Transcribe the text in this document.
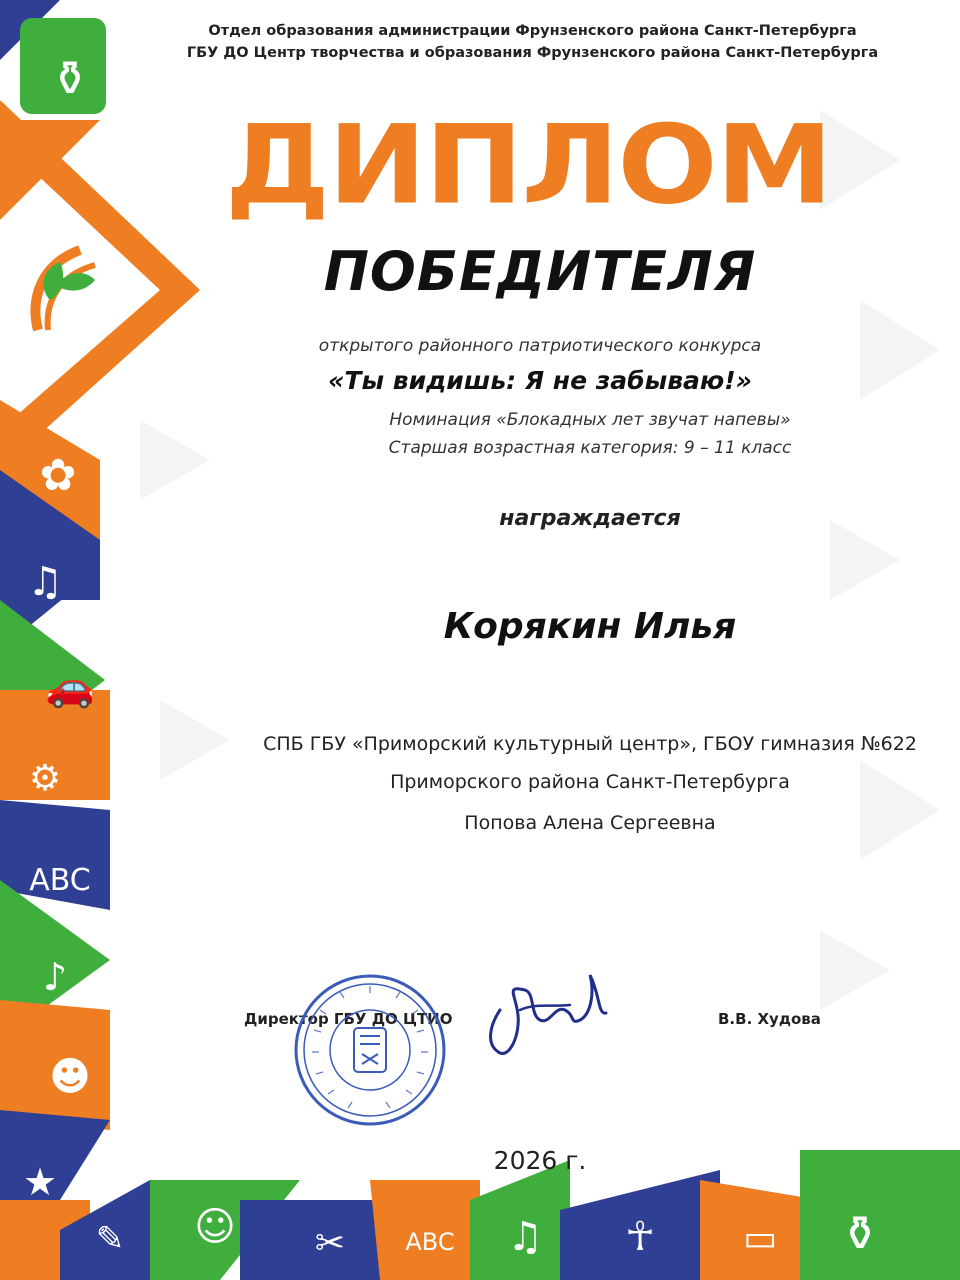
⚱
✿
♫
🚗
⚙
ABC
♪
☻
★
✎ ☺ ✂	ABC ♫ ☥ ▭ ⚱
Отдел образования администрации Фрунзенского района Санкт-Петербурга
ГБУ ДО Центр творчества и образования Фрунзенского района Санкт-Петербурга
ДИПЛОМ
ПОБЕДИТЕЛЯ
открытого районного патриотического конкурса
«Ты видишь: Я не забываю!»
Номинация «Блокадных лет звучат напевы»
Старшая возрастная категория: 9 – 11 класс
награждается
Корякин Илья
СПБ ГБУ «Приморский культурный центр», ГБОУ гимназия №622
Приморского района Санкт-Петербурга
Попова Алена Сергеевна
Директор ГБУ ДО ЦТИО	В.В. Худова
2026 г.
